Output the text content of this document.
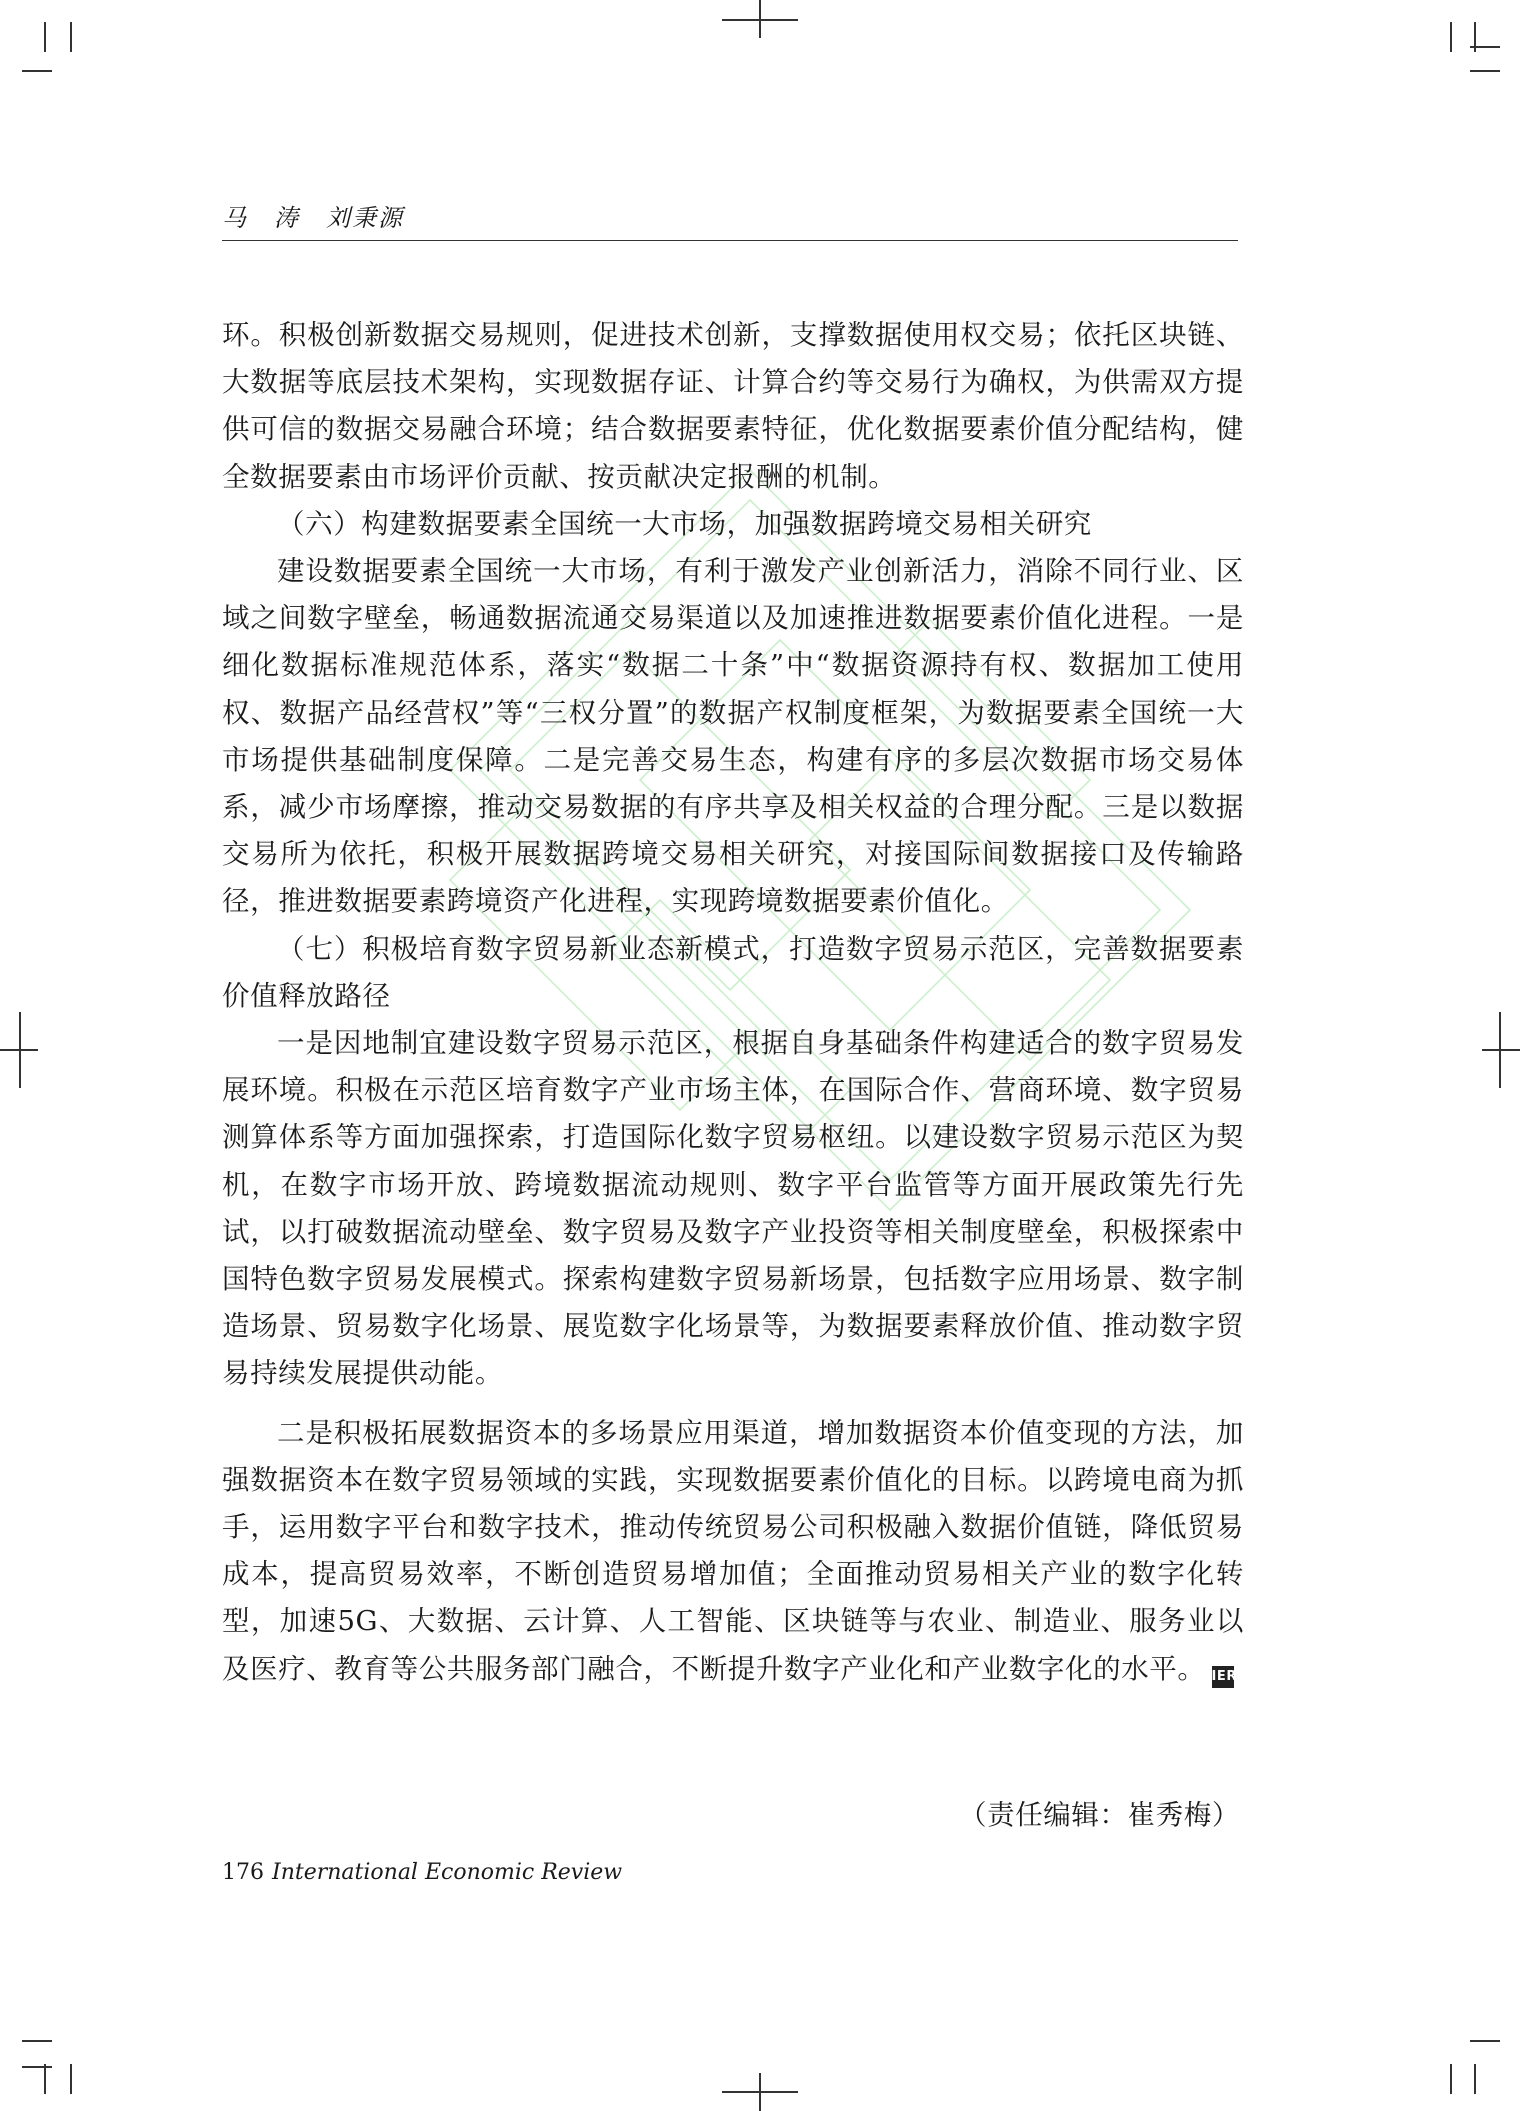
马　涛　刘秉源

环。积极创新数据交易规则，促进技术创新，支撑数据使用权交易；依托区块链、大数据等底层技术架构，实现数据存证、计算合约等交易行为确权，为供需双方提供可信的数据交易融合环境；结合数据要素特征，优化数据要素价值分配结构，健全数据要素由市场评价贡献、按贡献决定报酬的机制。

（六）构建数据要素全国统一大市场，加强数据跨境交易相关研究

建设数据要素全国统一大市场，有利于激发产业创新活力，消除不同行业、区域之间数字壁垒，畅通数据流通交易渠道以及加速推进数据要素价值化进程。一是细化数据标准规范体系，落实“数据二十条”中“数据资源持有权、数据加工使用权、数据产品经营权”等“三权分置”的数据产权制度框架，为数据要素全国统一大市场提供基础制度保障。二是完善交易生态，构建有序的多层次数据市场交易体系，减少市场摩擦，推动交易数据的有序共享及相关权益的合理分配。三是以数据交易所为依托，积极开展数据跨境交易相关研究，对接国际间数据接口及传输路径，推进数据要素跨境资产化进程，实现跨境数据要素价值化。

（七）积极培育数字贸易新业态新模式，打造数字贸易示范区，完善数据要素价值释放路径

一是因地制宜建设数字贸易示范区，根据自身基础条件构建适合的数字贸易发展环境。积极在示范区培育数字产业市场主体，在国际合作、营商环境、数字贸易测算体系等方面加强探索，打造国际化数字贸易枢纽。以建设数字贸易示范区为契机，在数字市场开放、跨境数据流动规则、数字平台监管等方面开展政策先行先试，以打破数据流动壁垒、数字贸易及数字产业投资等相关制度壁垒，积极探索中国特色数字贸易发展模式。探索构建数字贸易新场景，包括数字应用场景、数字制造场景、贸易数字化场景、展览数字化场景等，为数据要素释放价值、推动数字贸易持续发展提供动能。

二是积极拓展数据资本的多场景应用渠道，增加数据资本价值变现的方法，加强数据资本在数字贸易领域的实践，实现数据要素价值化的目标。以跨境电商为抓手，运用数字平台和数字技术，推动传统贸易公司积极融入数据价值链，降低贸易成本，提高贸易效率，不断创造贸易增加值；全面推动贸易相关产业的数字化转型，加速5G、大数据、云计算、人工智能、区块链等与农业、制造业、服务业以及医疗、教育等公共服务部门融合，不断提升数字产业化和产业数字化的水平。 IER

（责任编辑：崔秀梅）
176 International Economic Review
